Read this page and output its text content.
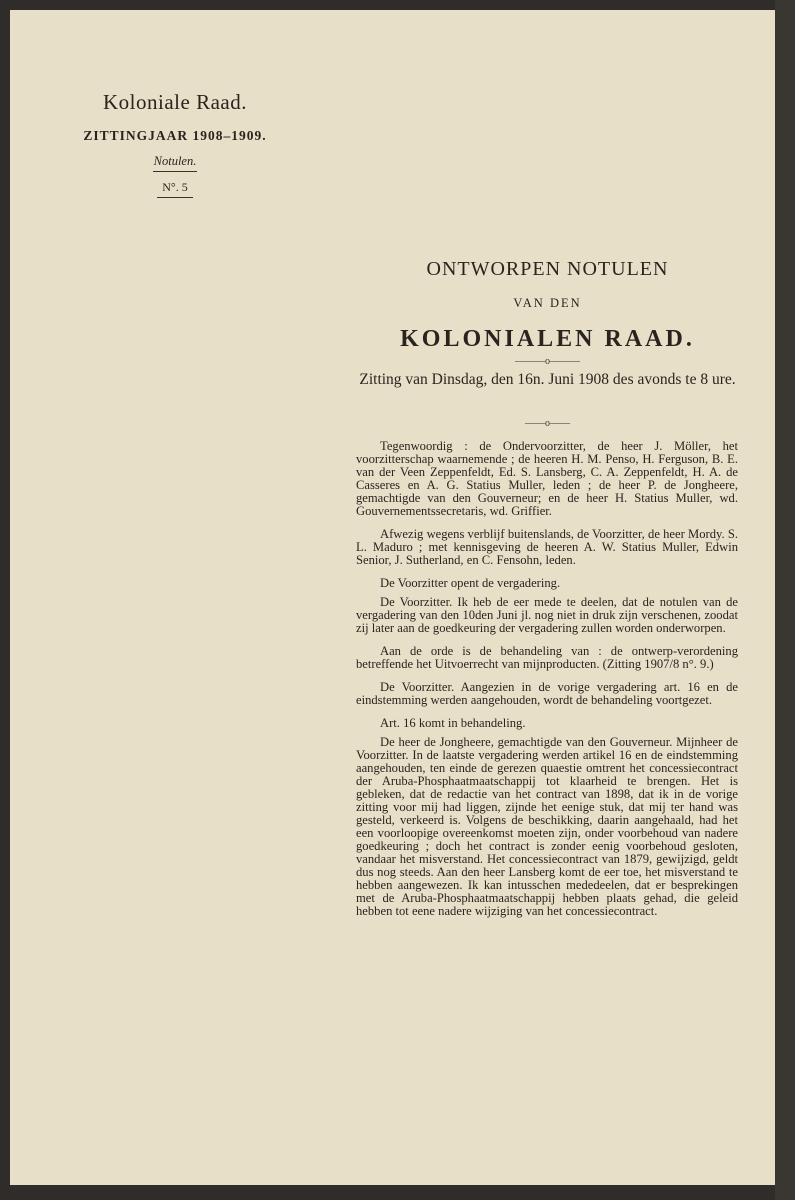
Koloniale Raad.

ZITTINGJAAR 1908–1909.

Notulen.

N°. 5

ONTWORPEN NOTULEN
VAN DEN
KOLONIALEN RAAD.
———o———
Zitting van Dinsdag, den 16n. Juni 1908 des avonds te 8 ure.
——o——

Tegenwoordig : de Ondervoorzitter, de heer J. Möller, het voorzitterschap waarnemende ; de heeren H. M. Penso, H. Ferguson, B. E. van der Veen Zeppenfeldt, Ed. S. Lansberg, C. A. Zeppenfeldt, H. A. de Casseres en A. G. Statius Muller, leden ; de heer P. de Jongheere, gemachtigde van den Gouverneur; en de heer H. Statius Muller, wd. Gouvernementssecretaris, wd. Griffier.

Afwezig wegens verblijf buitenslands, de Voorzitter, de heer Mordy. S. L. Maduro ; met kennisgeving de heeren A. W. Statius Muller, Edwin Senior, J. Sutherland, en C. Fensohn, leden.

De Voorzitter opent de vergadering.

De Voorzitter. Ik heb de eer mede te deelen, dat de notulen van de vergadering van den 10den Juni jl. nog niet in druk zijn verschenen, zoodat zij later aan de goedkeuring der vergadering zullen worden onderworpen.

Aan de orde is de behandeling van : de ontwerp-verordening betreffende het Uitvoerrecht van mijnproducten. (Zitting 1907/8 n°. 9.)

De Voorzitter. Aangezien in de vorige vergadering art. 16 en de eindstemming werden aangehouden, wordt de behandeling voortgezet.

Art. 16 komt in behandeling.

De heer de Jongheere, gemachtigde van den Gouverneur. Mijnheer de Voorzitter. In de laatste vergadering werden artikel 16 en de eindstemming aangehouden, ten einde de gerezen quaestie omtrent het concessiecontract der Aruba-Phosphaatmaatschappij tot klaarheid te brengen. Het is gebleken, dat de redactie van het contract van 1898, dat ik in de vorige zitting voor mij had liggen, zijnde het eenige stuk, dat mij ter hand was gesteld, verkeerd is. Volgens de beschikking, daarin aangehaald, had het een voorloopige overeenkomst moeten zijn, onder voorbehoud van nadere goedkeuring ; doch het contract is zonder eenig voorbehoud gesloten, vandaar het misverstand. Het concessiecontract van 1879, gewijzigd, geldt dus nog steeds. Aan den heer Lansberg komt de eer toe, het misverstand te hebben aangewezen. Ik kan intusschen mededeelen, dat er besprekingen met de Aruba-Phosphaatmaatschappij hebben plaats gehad, die geleid hebben tot eene nadere wijziging van het concessiecontract.
